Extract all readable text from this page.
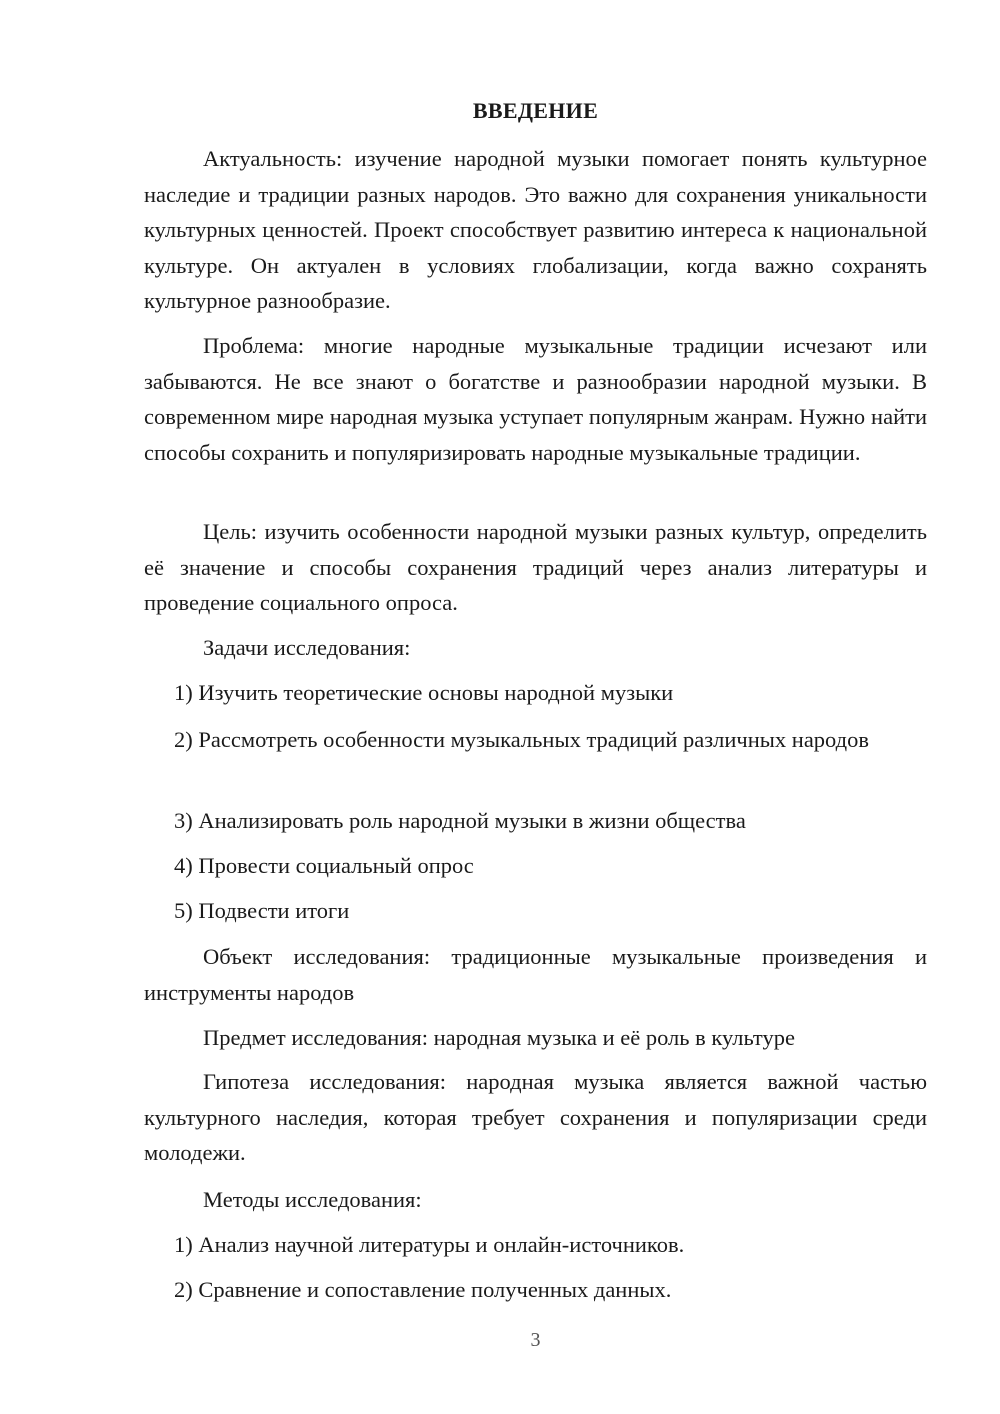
ВВЕДЕНИЕ

Актуальность: изучение народной музыки помогает понять культурное наследие и традиции разных народов. Это важно для сохранения уникальности культурных ценностей. Проект способствует развитию интереса к национальной культуре. Он актуален в условиях глобализации, когда важно сохранять культурное разнообразие.

Проблема: многие народные музыкальные традиции исчезают или забываются. Не все знают о богатстве и разнообразии народной музыки. В современном мире народная музыка уступает популярным жанрам. Нужно найти способы сохранить и популяризировать народные музыкальные традиции.

Цель: изучить особенности народной музыки разных культур, определить её значение и способы сохранения традиций через анализ литературы и проведение социального опроса.

Задачи исследования:

1) Изучить теоретические основы народной музыки

2) Рассмотреть особенности музыкальных традиций различных народов

3) Анализировать роль народной музыки в жизни общества

4) Провести социальный опрос

5) Подвести итоги

Объект исследования: традиционные музыкальные произведения и инструменты народов

Предмет исследования: народная музыка и её роль в культуре

Гипотеза исследования: народная музыка является важной частью культурного наследия, которая требует сохранения и популяризации среди молодежи.

Методы исследования:

1) Анализ научной литературы и онлайн-источников.

2) Сравнение и сопоставление полученных данных.

3
